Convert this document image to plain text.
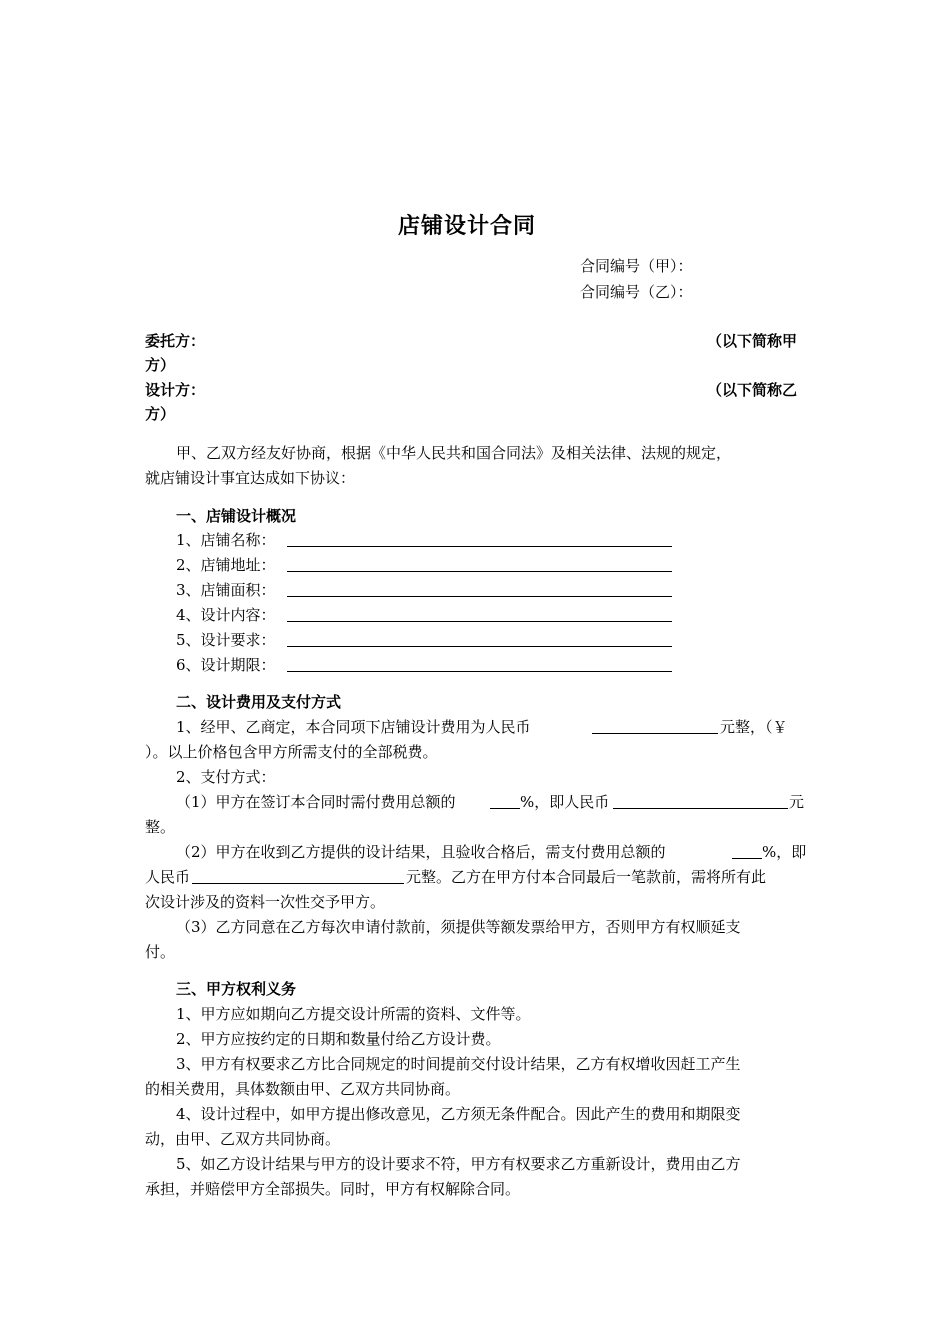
店铺设计合同
合同编号（甲）：
合同编号（乙）：
委托方：	（以下简称甲
方）
设计方：	（以下简称乙
方）
甲、乙双方经友好协商，根据《中华人民共和国合同法》及相关法律、法规的规定，
就店铺设计事宜达成如下协议：
一、店铺设计概况
1、店铺名称：
2、店铺地址：
3、店铺面积：
4、设计内容：
5、设计要求：
6、设计期限：
二、设计费用及支付方式
1、经甲、乙商定，本合同项下店铺设计费用为人民币	元整，（￥
）。以上价格包含甲方所需支付的全部税费。
2、支付方式：
（1）甲方在签订本合同时需付费用总额的	%，即人民币	元
整。
（2）甲方在收到乙方提供的设计结果，且验收合格后，需支付费用总额的	%，即
人民币	元整。乙方在甲方付本合同最后一笔款前，需将所有此
次设计涉及的资料一次性交予甲方。
（3）乙方同意在乙方每次申请付款前，须提供等额发票给甲方，否则甲方有权顺延支
付。
三、甲方权利义务
1、甲方应如期向乙方提交设计所需的资料、文件等。
2、甲方应按约定的日期和数量付给乙方设计费。
3、甲方有权要求乙方比合同规定的时间提前交付设计结果，乙方有权增收因赶工产生
的相关费用，具体数额由甲、乙双方共同协商。
4、设计过程中，如甲方提出修改意见，乙方须无条件配合。因此产生的费用和期限变
动，由甲、乙双方共同协商。
5、如乙方设计结果与甲方的设计要求不符，甲方有权要求乙方重新设计，费用由乙方
承担，并赔偿甲方全部损失。同时，甲方有权解除合同。
